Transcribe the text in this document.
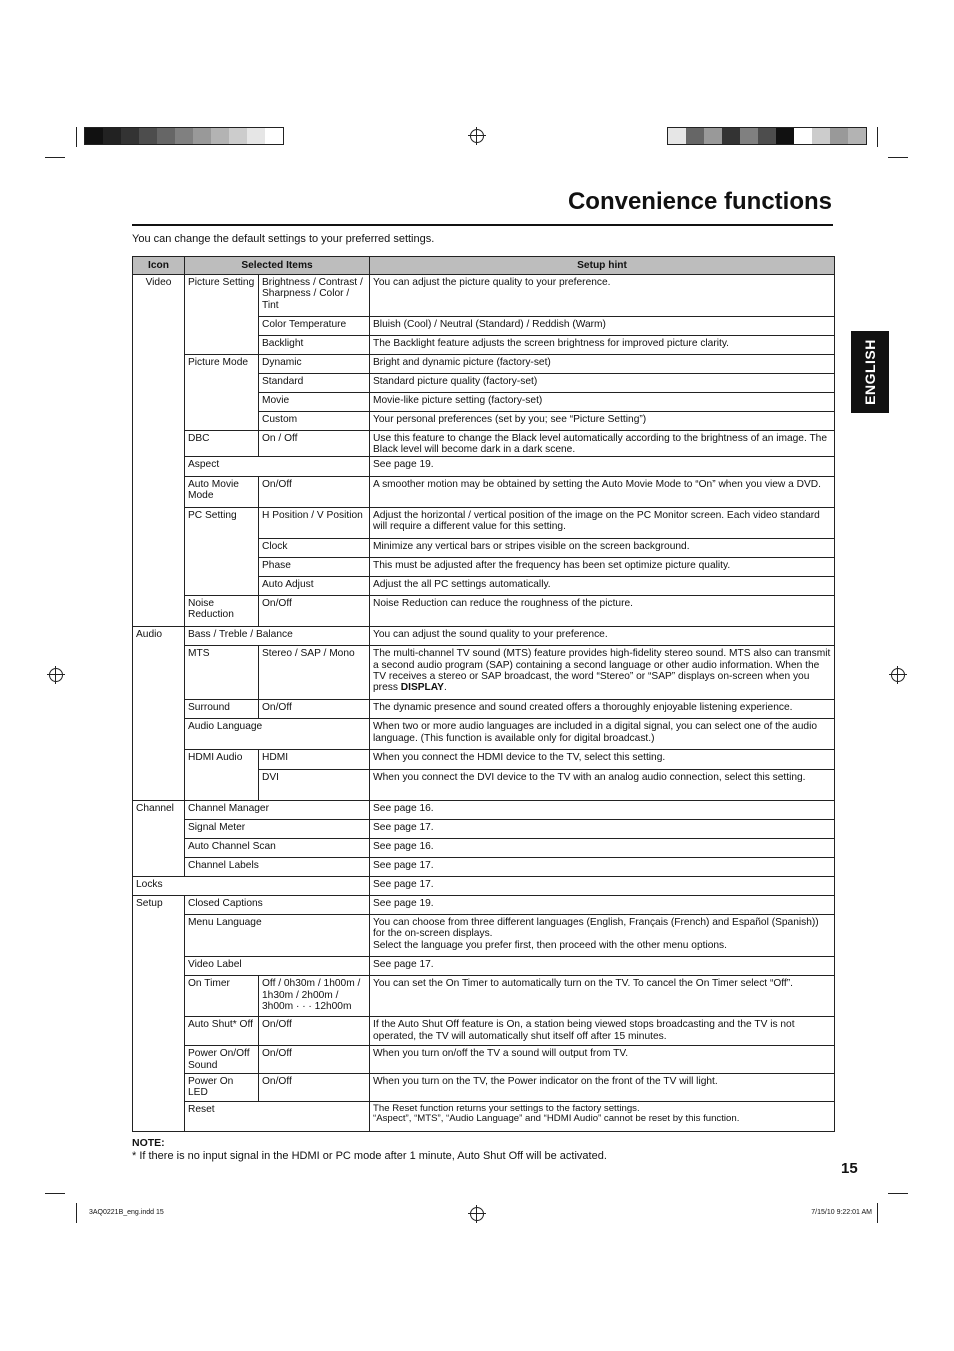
Convenience functions
You can change the default settings to your preferred settings.
ENGLISH
Icon	Selected Items		Setup hint
Video	Picture Setting	Brightness / Contrast / Sharpness / Color / Tint	You can adjust the picture quality to your preference.
		Color Temperature	Bluish (Cool) / Neutral (Standard) / Reddish (Warm)
		Backlight	The Backlight feature adjusts the screen brightness for improved picture clarity.
	Picture Mode	Dynamic	Bright and dynamic picture (factory-set)
		Standard	Standard picture quality (factory-set)
		Movie	Movie-like picture setting (factory-set)
		Custom	Your personal preferences (set by you; see “Picture Setting”)
	DBC	On / Off	Use this feature to change the Black level automatically according to the brightness of an image. The Black level will become dark in a dark scene.
	Aspect		See page 19.
	Auto Movie Mode	On/Off	A smoother motion may be obtained by setting the Auto Movie Mode to “On” when you view a DVD.
	PC Setting	H Position / V Position	Adjust the horizontal / vertical position of the image on the PC Monitor screen. Each video standard will require a different value for this setting.
		Clock	Minimize any vertical bars or stripes visible on the screen background.
		Phase	This must be adjusted after the frequency has been set optimize picture quality.
		Auto Adjust	Adjust the all PC settings automatically.
	Noise Reduction	On/Off	Noise Reduction can reduce the roughness of the picture.
Audio	Bass / Treble / Balance		You can adjust the sound quality to your preference.
	MTS	Stereo / SAP / Mono	The multi-channel TV sound (MTS) feature provides high-fidelity stereo sound. MTS also can transmit a second audio program (SAP) containing a second language or other audio information. When the TV receives a stereo or SAP broadcast, the word “Stereo” or “SAP” displays on-screen when you press DISPLAY.
	Surround	On/Off	The dynamic presence and sound created offers a thoroughly enjoyable listening experience.
	Audio Language		When two or more audio languages are included in a digital signal, you can select one of the audio language. (This function is available only for digital broadcast.)
	HDMI Audio	HDMI	When you connect the HDMI device to the TV, select this setting.
		DVI	When you connect the DVI device to the TV with an analog audio connection, select this setting.
Channel	Channel Manager		See page 16.
	Signal Meter		See page 17.
	Auto Channel Scan		See page 16.
	Channel Labels		See page 17.
Locks			See page 17.
Setup	Closed Captions		See page 19.
	Menu Language		You can choose from three different languages (English, Français (French) and Español (Spanish)) for the on-screen displays.
Select the language you prefer first, then proceed with the other menu options.

	Video Label		See page 17.
	On Timer	Off / 0h30m / 1h00m / 1h30m / 2h00m / 3h00m · · · 12h00m	You can set the On Timer to automatically turn on the TV. To cancel the On Timer select “Off”.
	Auto Shut* Off	On/Off	If the Auto Shut Off feature is On, a station being viewed stops broadcasting and the TV is not operated, the TV will automatically shut itself off after 15 minutes.
	Power On/Off Sound	On/Off	When you turn on/off the TV a sound will output from TV.
	Power On LED	On/Off	When you turn on the TV, the Power indicator on the front of the TV will light.
	Reset		The Reset function returns your settings to the factory settings.
“Aspect”, “MTS”, “Audio Language” and “HDMI Audio” cannot be reset by this function.
NOTE:
* If there is no input signal in the HDMI or PC mode after 1 minute, Auto Shut Off will be activated.
15
3AQ0221B_eng.indd 15	7/15/10 9:22:01 AM
